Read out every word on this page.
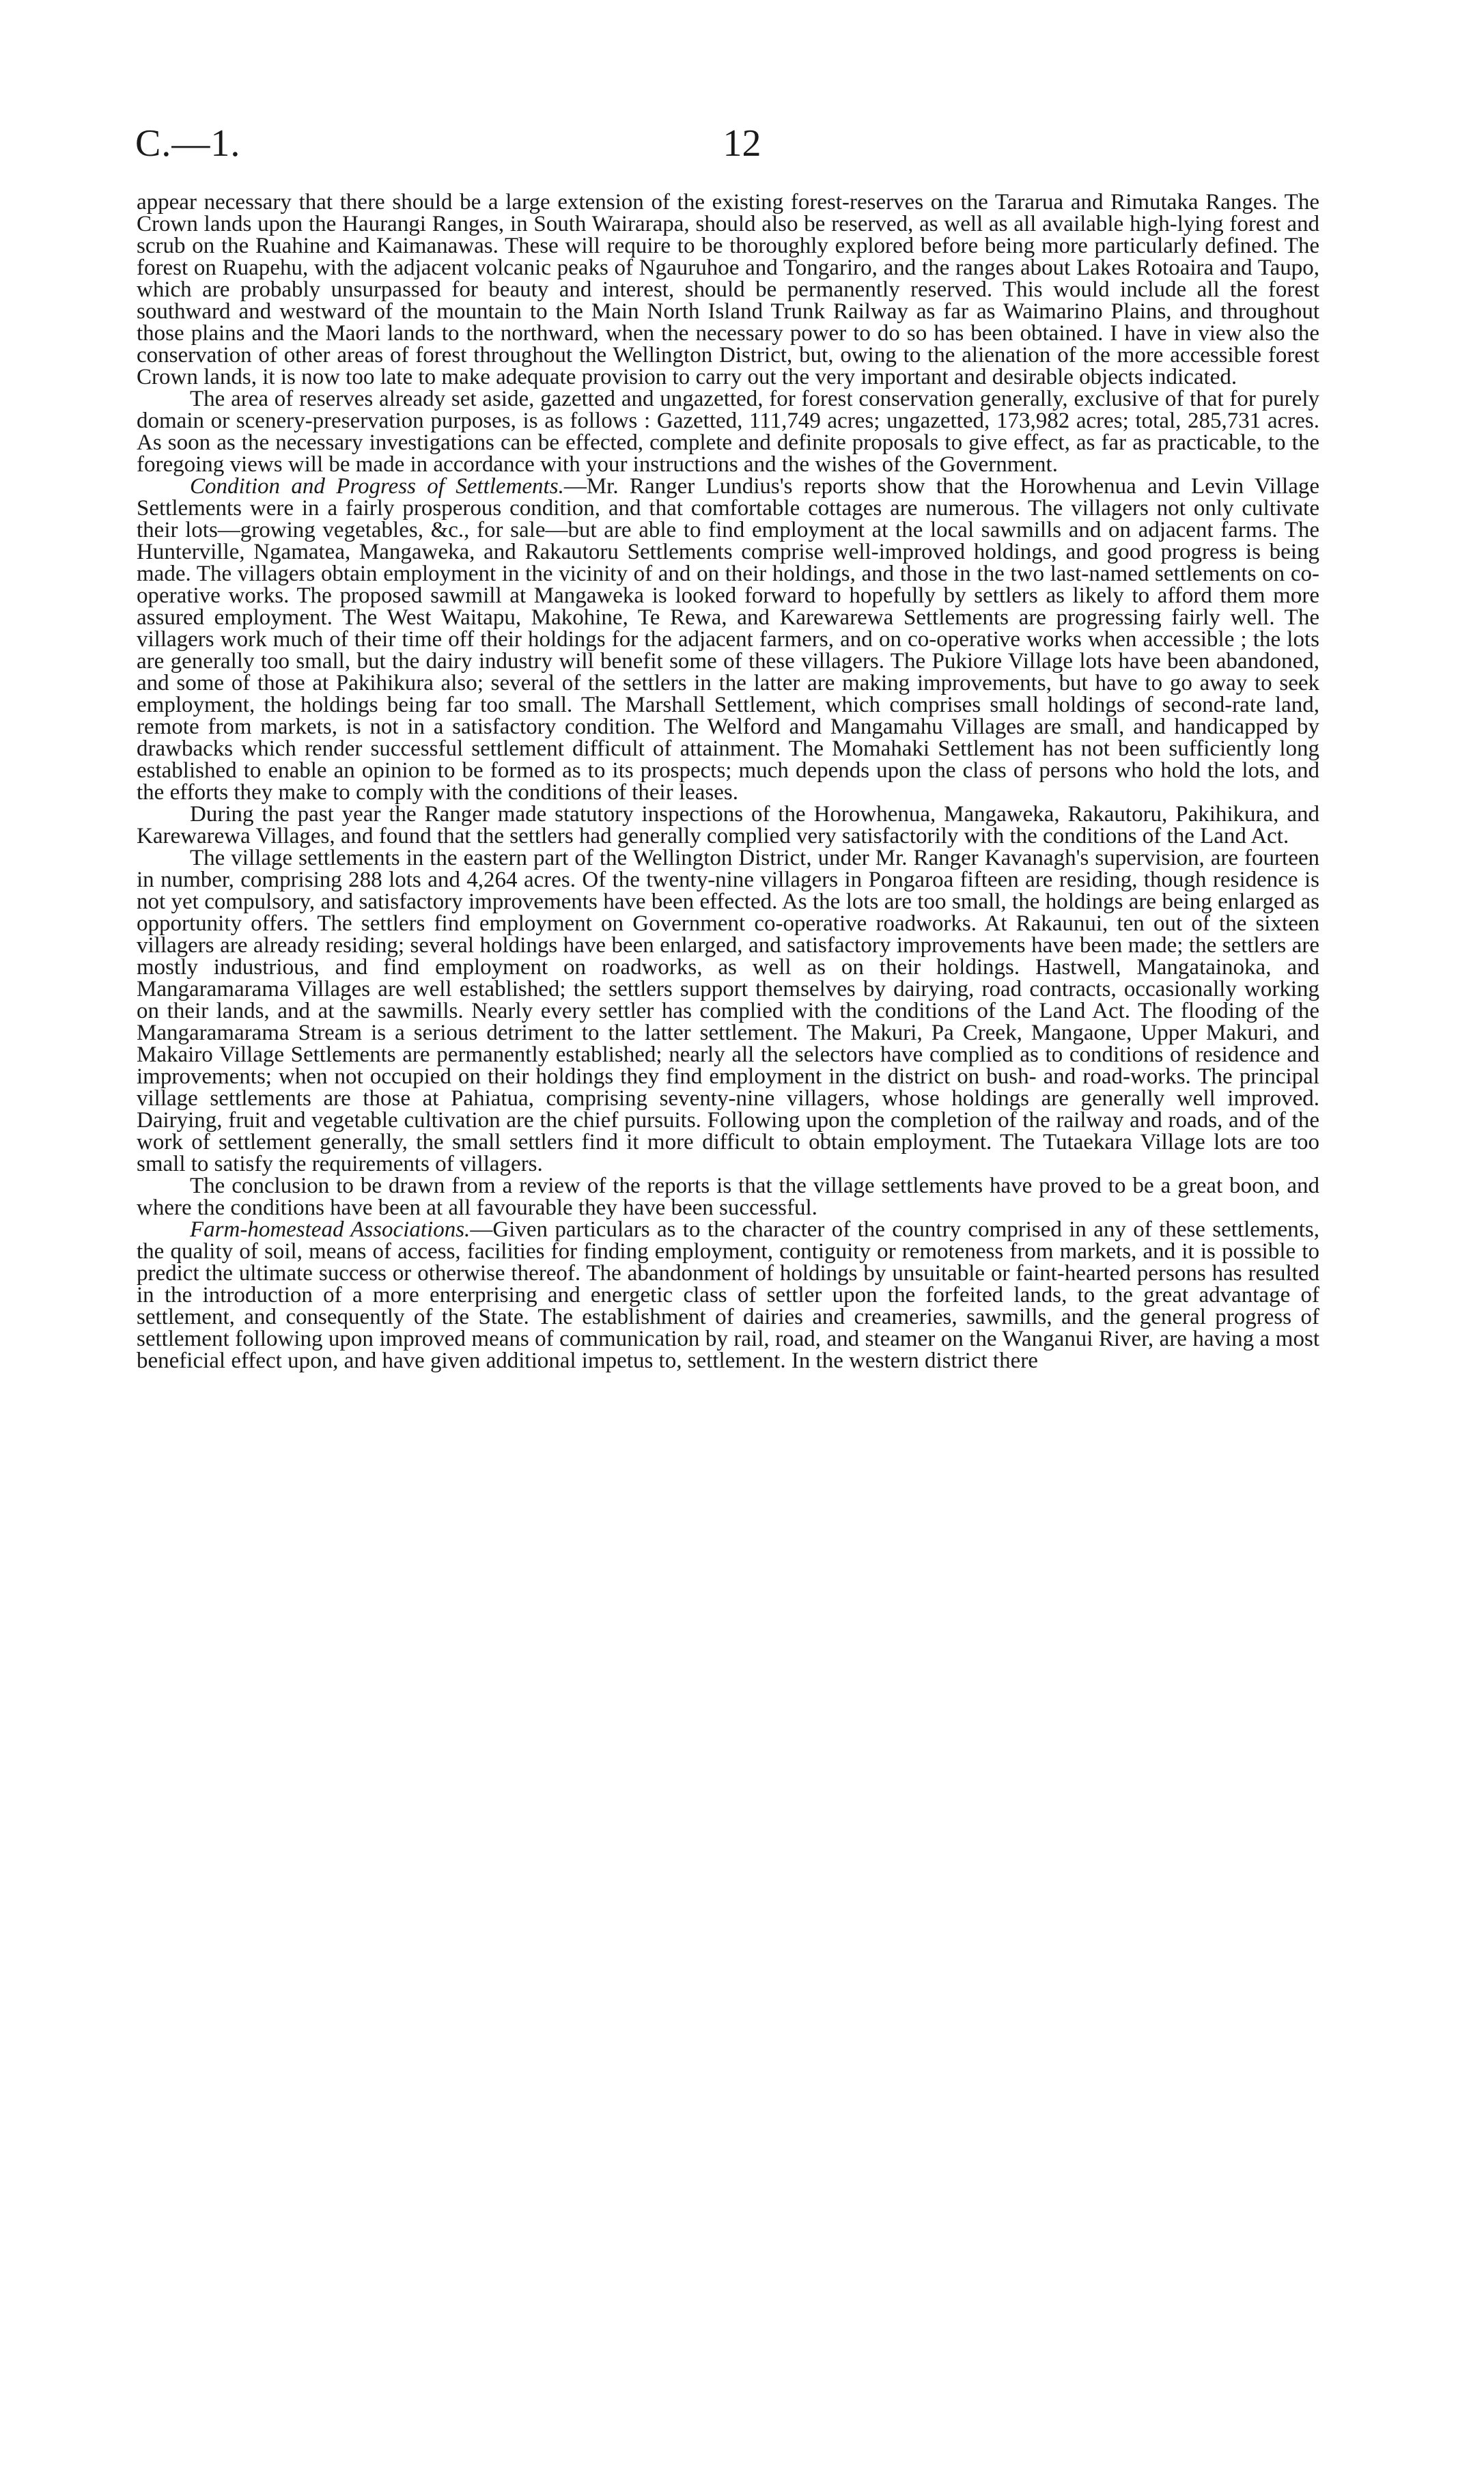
C.—1.	12

appear necessary that there should be a large extension of the existing forest-reserves on the Tararua and Rimutaka Ranges. The Crown lands upon the Haurangi Ranges, in South Wairarapa, should also be reserved, as well as all available high-lying forest and scrub on the Ruahine and Kaimanawas. These will require to be thoroughly explored before being more particularly defined. The forest on Ruapehu, with the adjacent volcanic peaks of Ngauruhoe and Tongariro, and the ranges about Lakes Rotoaira and Taupo, which are probably unsurpassed for beauty and interest, should be permanently reserved. This would include all the forest southward and westward of the mountain to the Main North Island Trunk Railway as far as Waimarino Plains, and throughout those plains and the Maori lands to the northward, when the necessary power to do so has been obtained. I have in view also the conservation of other areas of forest throughout the Wellington District, but, owing to the alienation of the more accessible forest Crown lands, it is now too late to make adequate provision to carry out the very important and desirable objects indicated.

The area of reserves already set aside, gazetted and ungazetted, for forest conservation generally, exclusive of that for purely domain or scenery-preservation purposes, is as follows : Gazetted, 111,749 acres; ungazetted, 173,982 acres; total, 285,731 acres. As soon as the necessary investigations can be effected, complete and definite proposals to give effect, as far as practicable, to the foregoing views will be made in accordance with your instructions and the wishes of the Government.

Condition and Progress of Settlements.—Mr. Ranger Lundius's reports show that the Horowhenua and Levin Village Settlements were in a fairly prosperous condition, and that comfortable cottages are numerous. The villagers not only cultivate their lots—growing vegetables, &c., for sale—but are able to find employment at the local sawmills and on adjacent farms. The Hunterville, Ngamatea, Mangaweka, and Rakautoru Settlements comprise well-improved holdings, and good progress is being made. The villagers obtain employment in the vicinity of and on their holdings, and those in the two last-named settlements on co-operative works. The proposed sawmill at Mangaweka is looked forward to hopefully by settlers as likely to afford them more assured employment. The West Waitapu, Makohine, Te Rewa, and Karewarewa Settlements are progressing fairly well. The villagers work much of their time off their holdings for the adjacent farmers, and on co-operative works when accessible ; the lots are generally too small, but the dairy industry will benefit some of these villagers. The Pukiore Village lots have been abandoned, and some of those at Pakihikura also; several of the settlers in the latter are making improvements, but have to go away to seek employment, the holdings being far too small. The Marshall Settlement, which comprises small holdings of second-rate land, remote from markets, is not in a satisfactory condition. The Welford and Mangamahu Villages are small, and handicapped by drawbacks which render successful settlement difficult of attainment. The Momahaki Settlement has not been sufficiently long established to enable an opinion to be formed as to its prospects; much depends upon the class of persons who hold the lots, and the efforts they make to comply with the conditions of their leases.

During the past year the Ranger made statutory inspections of the Horowhenua, Mangaweka, Rakautoru, Pakihikura, and Karewarewa Villages, and found that the settlers had generally complied very satisfactorily with the conditions of the Land Act.

The village settlements in the eastern part of the Wellington District, under Mr. Ranger Kavanagh's supervision, are fourteen in number, comprising 288 lots and 4,264 acres. Of the twenty-nine villagers in Pongaroa fifteen are residing, though residence is not yet compulsory, and satisfactory improvements have been effected. As the lots are too small, the holdings are being enlarged as opportunity offers. The settlers find employment on Government co-operative roadworks. At Rakaunui, ten out of the sixteen villagers are already residing; several holdings have been enlarged, and satisfactory improvements have been made; the settlers are mostly industrious, and find employment on roadworks, as well as on their holdings. Hastwell, Mangatainoka, and Mangaramarama Villages are well established; the settlers support themselves by dairying, road contracts, occasionally working on their lands, and at the sawmills. Nearly every settler has complied with the conditions of the Land Act. The flooding of the Mangaramarama Stream is a serious detriment to the latter settlement. The Makuri, Pa Creek, Mangaone, Upper Makuri, and Makairo Village Settlements are permanently established; nearly all the selectors have complied as to conditions of residence and improvements; when not occupied on their holdings they find employment in the district on bush- and road-works. The principal village settlements are those at Pahiatua, comprising seventy-nine villagers, whose holdings are generally well improved. Dairying, fruit and vegetable cultivation are the chief pursuits. Following upon the completion of the railway and roads, and of the work of settlement generally, the small settlers find it more difficult to obtain employment. The Tutaekara Village lots are too small to satisfy the requirements of villagers.

The conclusion to be drawn from a review of the reports is that the village settlements have proved to be a great boon, and where the conditions have been at all favourable they have been successful.

Farm-homestead Associations.—Given particulars as to the character of the country comprised in any of these settlements, the quality of soil, means of access, facilities for finding employment, contiguity or remoteness from markets, and it is possible to predict the ultimate success or otherwise thereof. The abandonment of holdings by unsuitable or faint-hearted persons has resulted in the introduction of a more enterprising and energetic class of settler upon the forfeited lands, to the great advantage of settlement, and consequently of the State. The establishment of dairies and creameries, sawmills, and the general progress of settlement following upon improved means of communication by rail, road, and steamer on the Wanganui River, are having a most beneficial effect upon, and have given additional impetus to, settlement. In the western district there
